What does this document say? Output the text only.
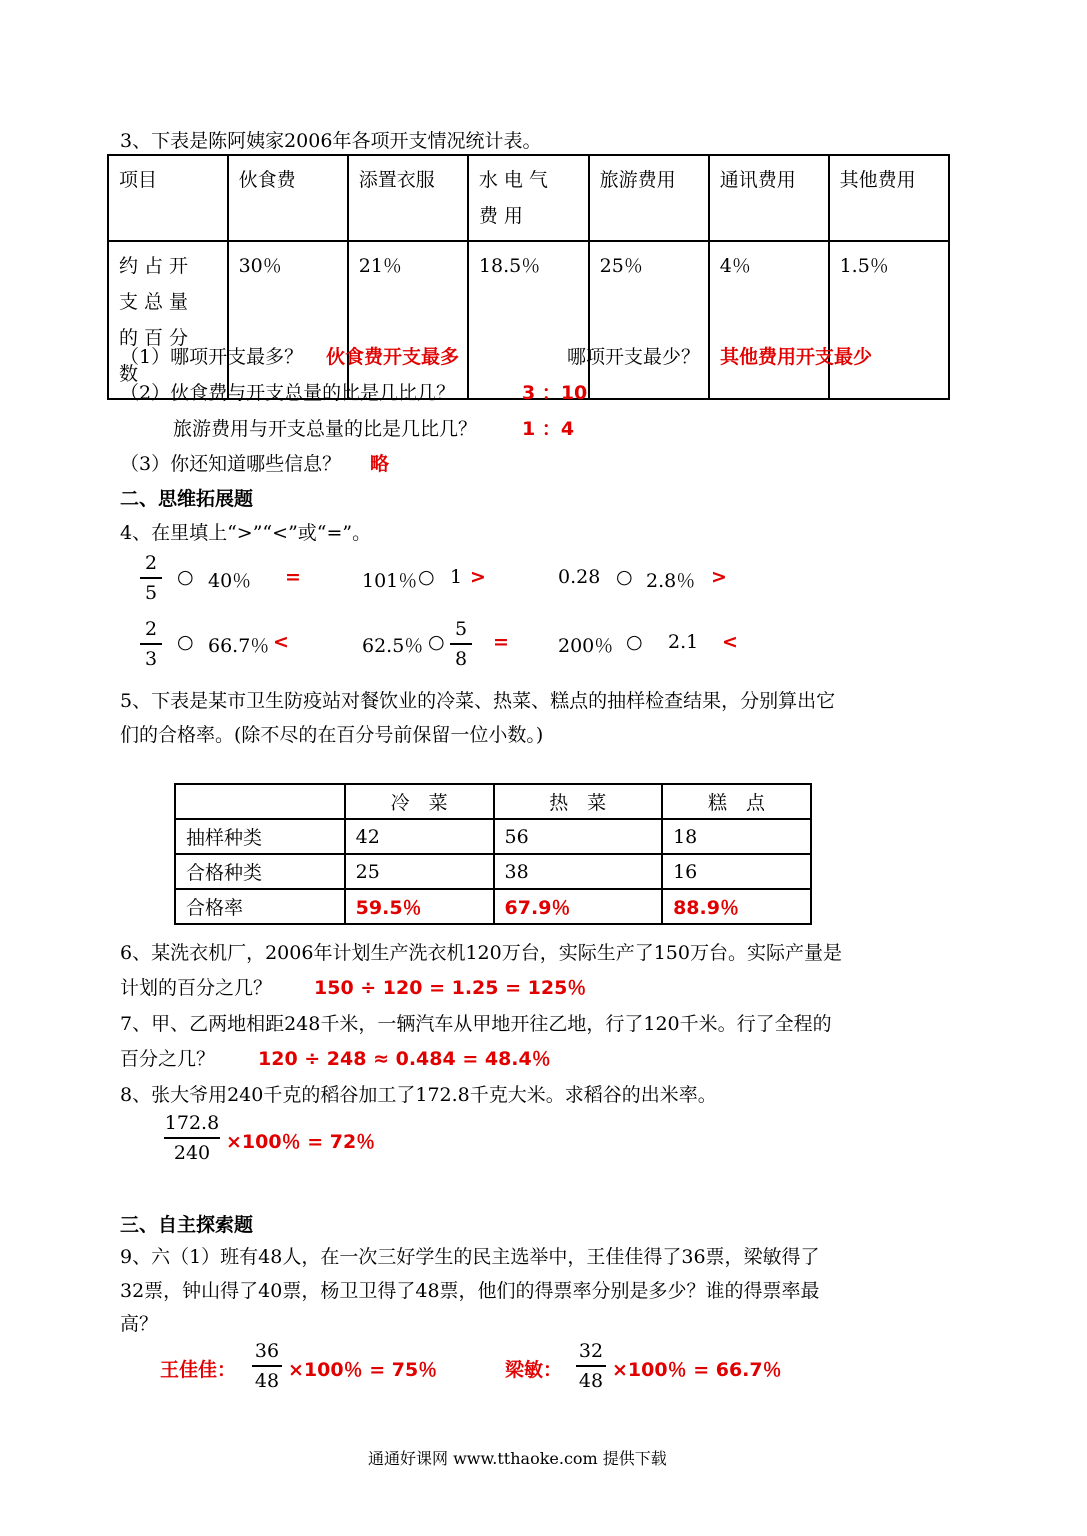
3、下表是陈阿姨家2006年各项开支情况统计表。
项目	伙食费	添置衣服	水电气费用	旅游费用	通讯费用	其他费用
约占开支总量的百分数	30％	21％	18.5％	25％	4％	1.5％
（1）哪项开支最多？ 伙食费开支最多	哪项开支最少？ 其他费用开支最少
（2）伙食费与开支总量的比是几比几？	3 ：10
旅游费用与开支总量的比是几比几？ 1 ：4
（3）你还知道哪些信息？ 略
二、思维拓展题
4、在里填上“>”“<”或“=”。
2
5
○ 40％ =	101％ ○ 1 >	0.28 ○ 2.8％ >
2
3
○ 66.7％ <	62.5％ ○
5
8
=	200％ ○ 2.1 <
5、下表是某市卫生防疫站对餐饮业的冷菜、热菜、糕点的抽样检查结果，分别算出它
们的合格率。(除不尽的在百分号前保留一位小数。)
	冷　菜	热　菜	糕　点
抽样种类	42	56	18
合格种类	25	38	16
合格率	59.5％	67.9％	88.9％
6、某洗衣机厂，2006年计划生产洗衣机120万台，实际生产了150万台。实际产量是
计划的百分之几？ 150 ÷ 120 = 1.25 = 125％
7、甲、乙两地相距248千米，一辆汽车从甲地开往乙地，行了120千米。行了全程的
百分之几？ 120 ÷ 248 ≈ 0.484 = 48.4％
8、张大爷用240千克的稻谷加工了172.8千克大米。求稻谷的出米率。
172.8
240 ×100％ = 72％
三、自主探索题
9、六（1）班有48人，在一次三好学生的民主选举中，王佳佳得了36票，梁敏得了
32票，钟山得了40票，杨卫卫得了48票，他们的得票率分别是多少？谁的得票率最
高？
王佳佳：
36
48 ×100％ = 75％	梁敏：
32
48 ×100％ = 66.7％
通通好课网 www.tthaoke.com 提供下载
